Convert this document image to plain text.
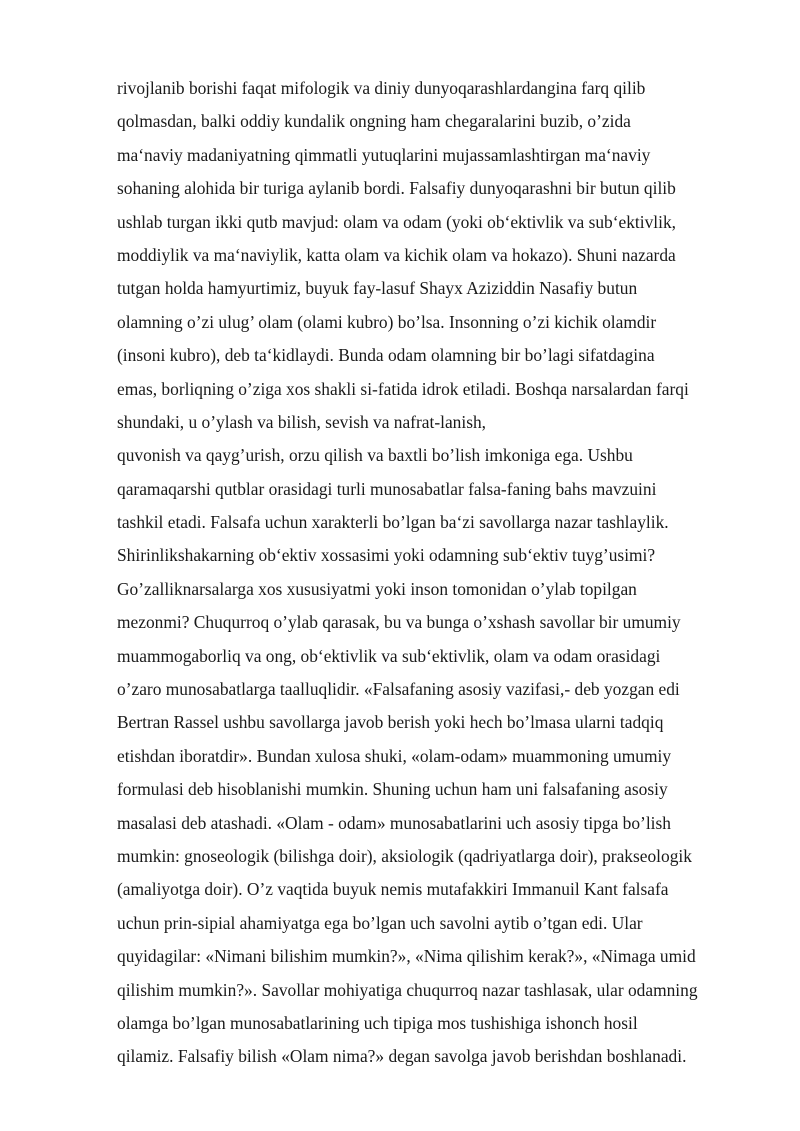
rivojlanib borishi faqat mifologik va diniy dunyoqarashlardangina farq qilib
qolmasdan, balki oddiy kundalik ongning ham chegaralarini buzib, o’zida
ma‘naviy madaniyatning qimmatli yutuqlarini mujassamlashtirgan ma‘naviy
sohaning alohida bir turiga aylanib bordi. Falsafiy dunyoqarashni bir butun qilib
ushlab turgan ikki qutb mavjud: olam va odam (yoki ob‘ektivlik va sub‘ektivlik,
moddiylik va ma‘naviylik, katta olam va kichik olam va hokazo). Shuni nazarda
tutgan holda hamyurtimiz, buyuk fay-lasuf Shayx Aziziddin Nasafiy butun
olamning o’zi ulug’ olam (olami kubro) bo’lsa. Insonning o’zi kichik olamdir
(insoni kubro), deb ta‘kidlaydi. Bunda odam olamning bir bo’lagi sifatdagina
emas, borliqning o’ziga xos shakli si-fatida idrok etiladi. Boshqa narsalardan farqi
shundaki, u o’ylash va bilish, sevish va nafrat-lanish,
quvonish va qayg’urish, orzu qilish va baxtli bo’lish imkoniga ega. Ushbu
qaramaqarshi qutblar orasidagi turli munosabatlar falsa-faning bahs mavzuini
tashkil etadi. Falsafa uchun xarakterli bo’lgan ba‘zi savollarga nazar tashlaylik.
Shirinlikshakarning ob‘ektiv xossasimi yoki odamning sub‘ektiv tuyg’usimi?
Go’zalliknarsalarga xos xususiyatmi yoki inson tomonidan o’ylab topilgan
mezonmi? Chuqurroq o’ylab qarasak, bu va bunga o’xshash savollar bir umumiy
muammogaborliq va ong, ob‘ektivlik va sub‘ektivlik, olam va odam orasidagi
o’zaro munosabatlarga taalluqlidir. «Falsafaning asosiy vazifasi,- deb yozgan edi
Bertran Rassel ushbu savollarga javob berish yoki hech bo’lmasa ularni tadqiq
etishdan iboratdir». Bundan xulosa shuki, «olam-odam» muammoning umumiy
formulasi deb hisoblanishi mumkin. Shuning uchun ham uni falsafaning asosiy
masalasi deb atashadi. «Olam - odam» munosabatlarini uch asosiy tipga bo’lish
mumkin: gnoseologik (bilishga doir), aksiologik (qadriyatlarga doir), prakseologik
(amaliyotga doir). O’z vaqtida buyuk nemis mutafakkiri Immanuil Kant falsafa
uchun prin-sipial ahamiyatga ega bo’lgan uch savolni aytib o’tgan edi. Ular
quyidagilar: «Nimani bilishim mumkin?», «Nima qilishim kerak?», «Nimaga umid
qilishim mumkin?». Savollar mohiyatiga chuqurroq nazar tashlasak, ular odamning
olamga bo’lgan munosabatlarining uch tipiga mos tushishiga ishonch hosil
qilamiz. Falsafiy bilish «Olam nima?» degan savolga javob berishdan boshlanadi.
